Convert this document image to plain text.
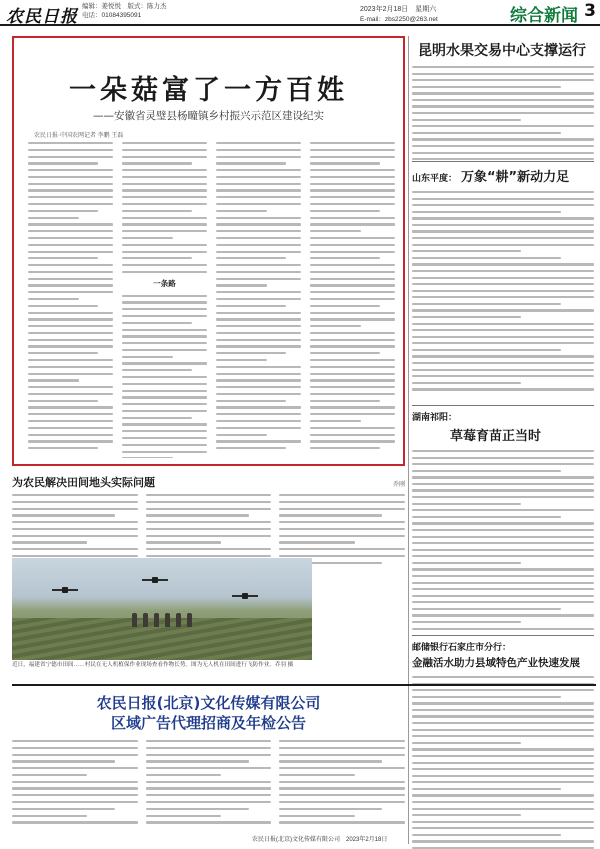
农民日报
编辑：姜悦悦　版式：陈力杰
电话：01084395091
2023年2月18日　星期六
E-mail：zbs2250@263.net	综合新闻 3
一朵菇富了一方百姓
——安徽省灵璧县杨疃镇乡村振兴示范区建设纪实
农民日报·中国农网记者 李鹏 王磊
一条路
昆明水果交易中心支撑运行
山东平度： 万象“耕”新动力足
湖南祁阳：
草莓育苗正当时
邮储银行石家庄市分行：
金融活水助力县域特色产业快速发展
为农民解决田间地头实际问题	乔刚
近日，福建省宁德市田间……村民在无人机植保作业现场查看作物长势。图为无人机在田间进行飞防作业。乔羽 摄
农民日报(北京)文化传媒有限公司
区域广告代理招商及年检公告
农民日报(北京)文化传媒有限公司　2023年2月18日
